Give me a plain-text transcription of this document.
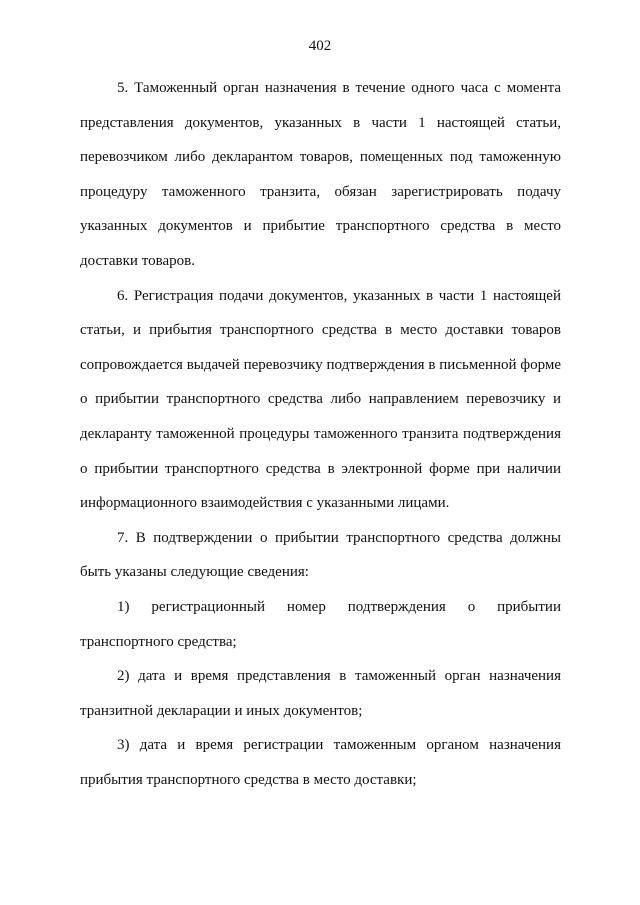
402

5. Таможенный орган назначения в течение одного часа с момента представления документов, указанных в части 1 настоящей статьи, перевозчиком либо декларантом товаров, помещенных под таможенную процедуру таможенного транзита, обязан зарегистрировать подачу указанных документов и прибытие транспортного средства в место доставки товаров.

6. Регистрация подачи документов, указанных в части 1 настоящей статьи, и прибытия транспортного средства в место доставки товаров сопровождается выдачей перевозчику подтверждения в письменной форме о прибытии транспортного средства либо направлением перевозчику и декларанту таможенной процедуры таможенного транзита подтверждения о прибытии транспортного средства в электронной форме при наличии информационного взаимодействия с указанными лицами.

7. В подтверждении о прибытии транспортного средства должны быть указаны следующие сведения:

1) регистрационный номер подтверждения о прибытии транспортного средства;

2) дата и время представления в таможенный орган назначения транзитной декларации и иных документов;

3) дата и время регистрации таможенным органом назначения прибытия транспортного средства в место доставки;
